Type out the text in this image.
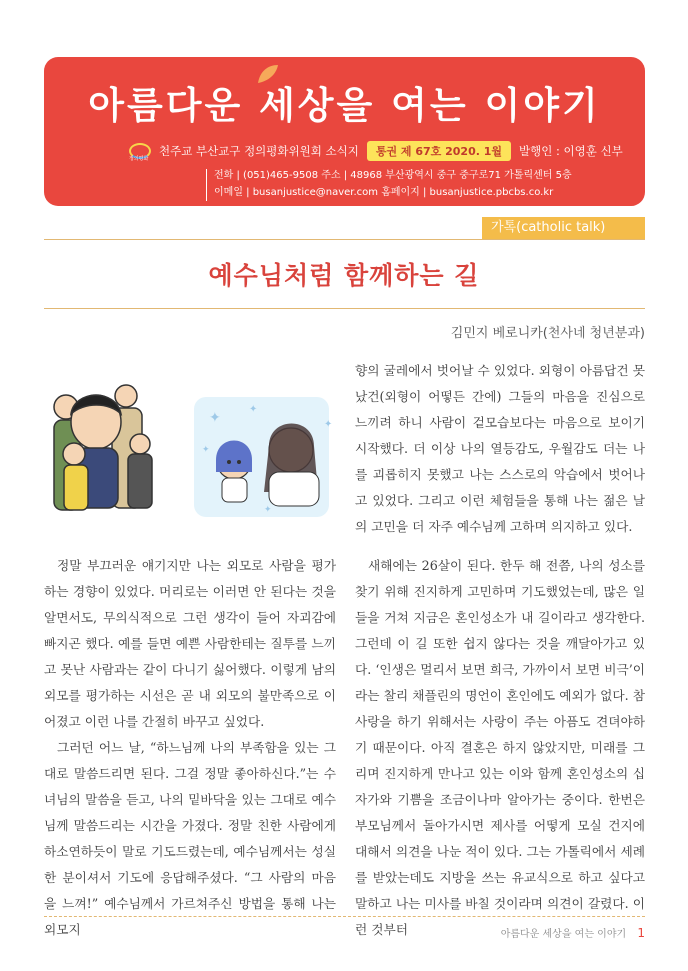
아름다운 세상을 여는 이야기
정의평화
천주교 부산교구 정의평화위원회 소식지	통권 제 67호 2020. 1월	발행인 : 이영훈 신부
전화 | (051)465-9508 주소 | 48968 부산광역시 중구 중구로71 가톨릭센터 5층
이메일 | busanjustice@naver.com 홈페이지 | busanjustice.pbcbs.co.kr
가톡(catholic talk)
예수님처럼 함께하는 길
김민지 베로니카(천사네 청년분과)
✦
✦
✦
✦
✦

향의 굴레에서 벗어날 수 있었다. 외형이 아름답건 못났건(외형이 어떻든 간에) 그들의 마음을 진심으로 느끼려 하니 사람이 겉모습보다는 마음으로 보이기 시작했다. 더 이상 나의 열등감도, 우월감도 더는 나를 괴롭히지 못했고 나는 스스로의 악습에서 벗어나고 있었다. 그리고 이런 체험들을 통해 나는 젊은 날의 고민을 더 자주 예수님께 고하며 의지하고 있다.

정말 부끄러운 얘기지만 나는 외모로 사람을 평가하는 경향이 있었다. 머리로는 이러면 안 된다는 것을 알면서도, 무의식적으로 그런 생각이 들어 자괴감에 빠지곤 했다. 예를 들면 예쁜 사람한테는 질투를 느끼고 못난 사람과는 같이 다니기 싫어했다. 이렇게 남의 외모를 평가하는 시선은 곧 내 외모의 불만족으로 이어졌고 이런 나를 간절히 바꾸고 싶었다.

그러던 어느 날, “하느님께 나의 부족함을 있는 그대로 말씀드리면 된다. 그걸 정말 좋아하신다.”는 수녀님의 말씀을 듣고, 나의 밑바닥을 있는 그대로 예수님께 말씀드리는 시간을 가졌다. 정말 친한 사람에게 하소연하듯이 말로 기도드렸는데, 예수님께서는 성실한 분이셔서 기도에 응답해주셨다. “그 사람의 마음을 느껴!” 예수님께서 가르쳐주신 방법을 통해 나는 외모지

새해에는 26살이 된다. 한두 해 전쯤, 나의 성소를 찾기 위해 진지하게 고민하며 기도했었는데, 많은 일들을 거쳐 지금은 혼인성소가 내 길이라고 생각한다. 그런데 이 길 또한 쉽지 않다는 것을 깨달아가고 있다. ‘인생은 멀리서 보면 희극, 가까이서 보면 비극’이라는 찰리 채플린의 명언이 혼인에도 예외가 없다. 참사랑을 하기 위해서는 사랑이 주는 아픔도 견뎌야하기 때문이다. 아직 결혼은 하지 않았지만, 미래를 그리며 진지하게 만나고 있는 이와 함께 혼인성소의 십자가와 기쁨을 조금이나마 알아가는 중이다. 한번은 부모님께서 돌아가시면 제사를 어떻게 모실 건지에 대해서 의견을 나눈 적이 있다. 그는 가톨릭에서 세례를 받았는데도 지방을 쓰는 유교식으로 하고 싶다고 말하고 나는 미사를 바칠 것이라며 의견이 갈렸다. 이런 것부터	아름다운 세상을 여는 이야기 1
